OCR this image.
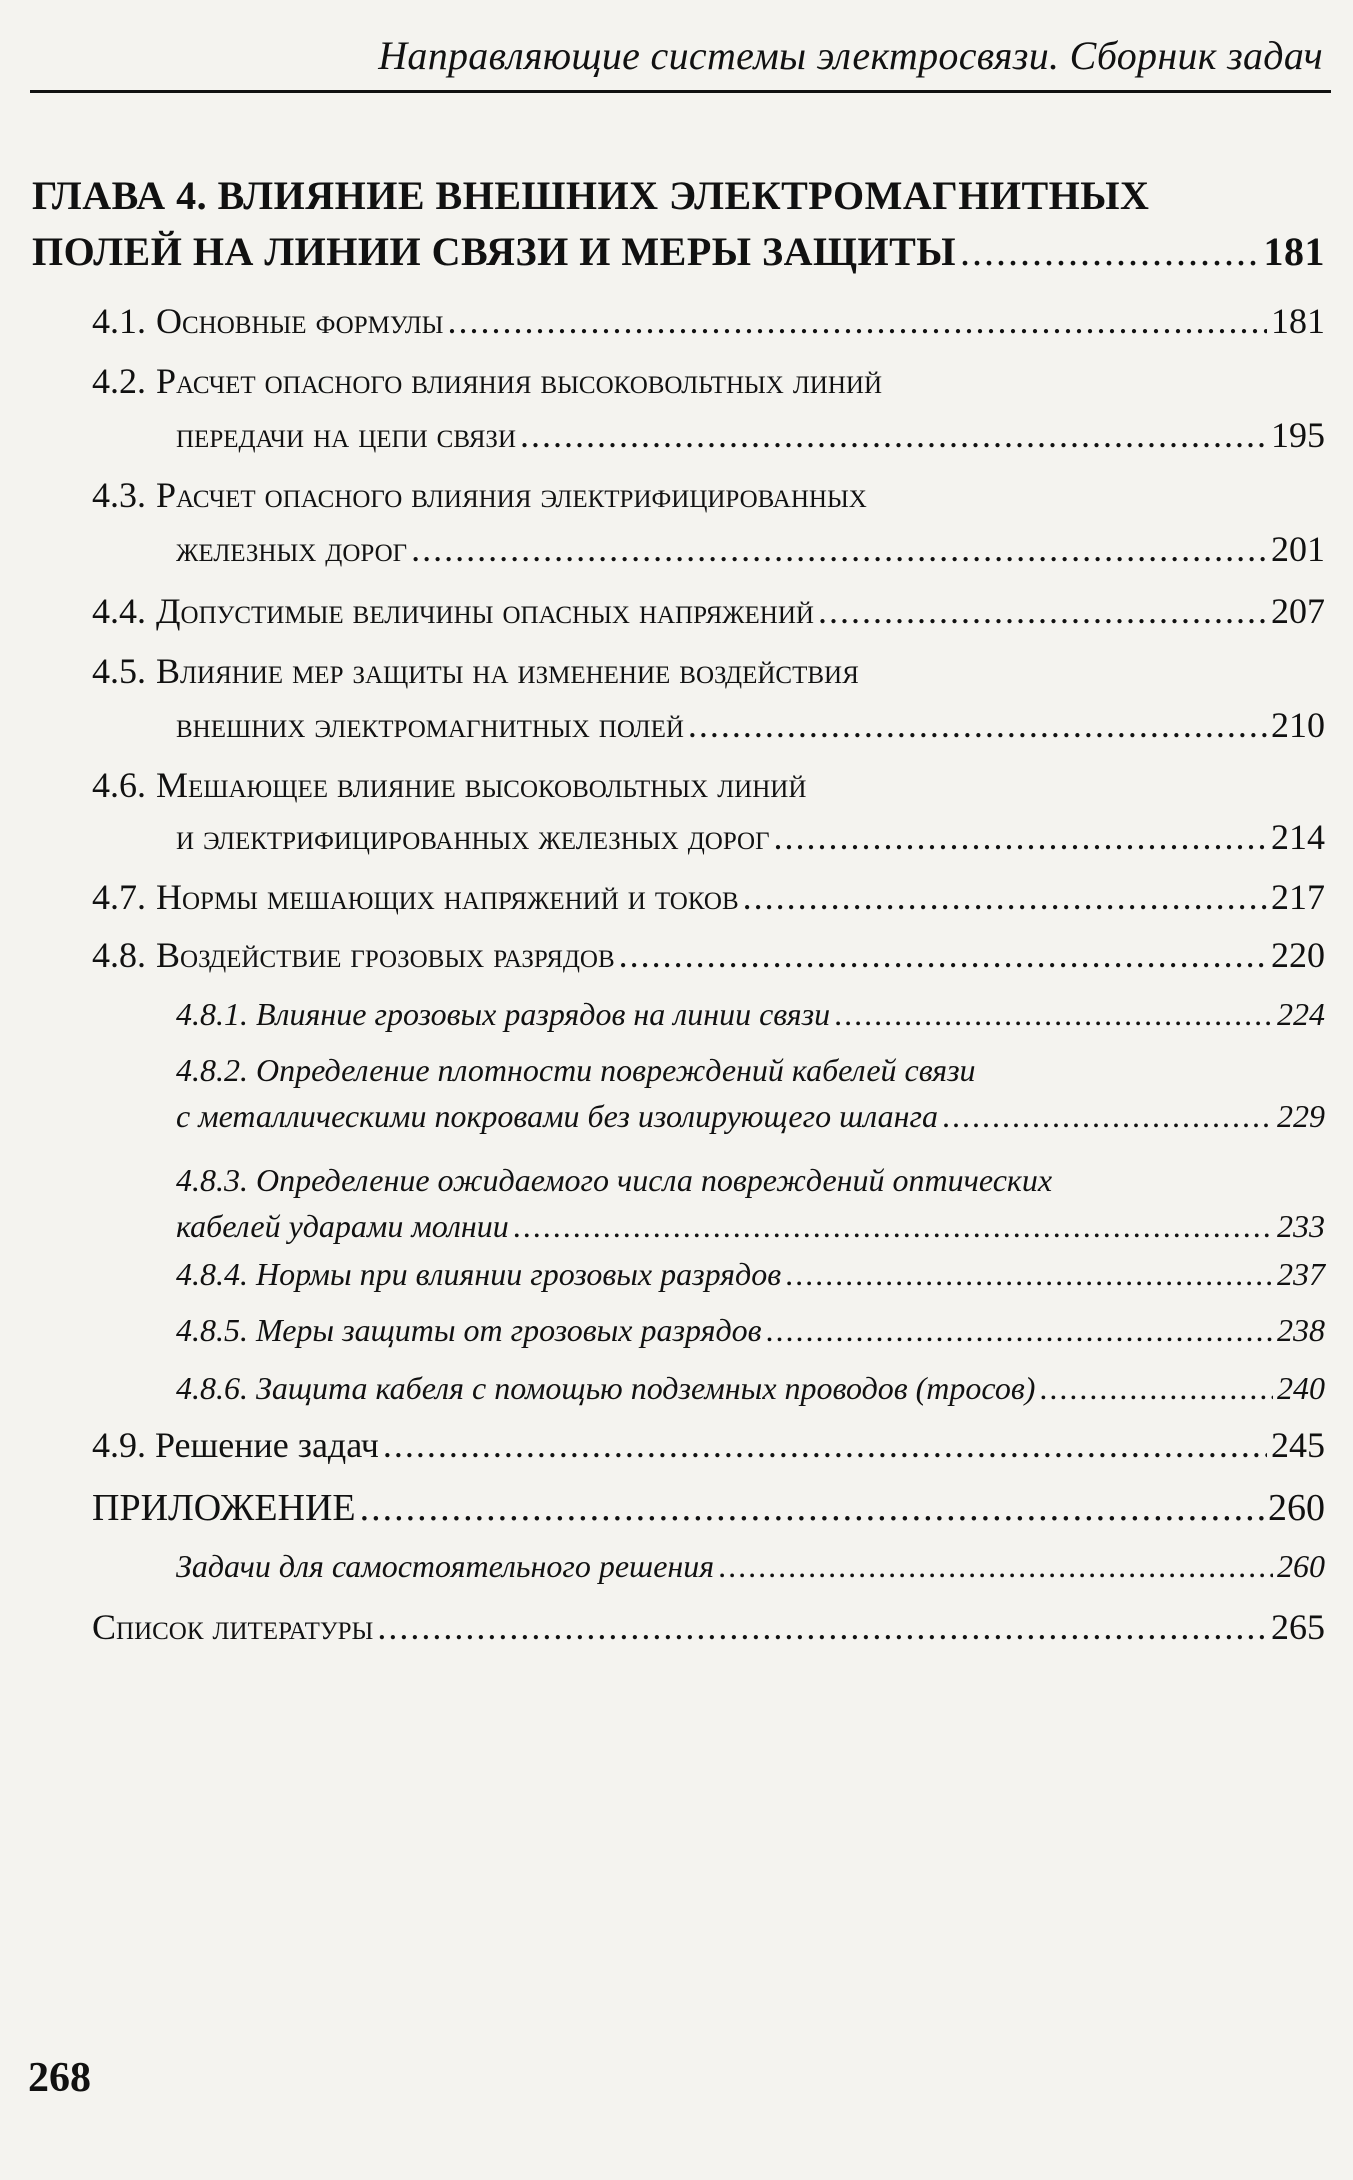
Направляющие системы электросвязи. Сборник задач
ГЛАВА 4. ВЛИЯНИЕ ВНЕШНИХ ЭЛЕКТРОМАГНИТНЫХ
ПОЛЕЙ НА ЛИНИИ СВЯЗИ И МЕРЫ ЗАЩИТЫ .....	181
4.1. Основные формулы .....	181
4.2. Расчет опасного влияния высоковольтных линий
передачи на цепи связи .....	195
4.3. Расчет опасного влияния электрифицированных
железных дорог .....	201
4.4. Допустимые величины опасных напряжений .....	207
4.5. Влияние мер защиты на изменение воздействия
внешних электромагнитных полей .....	210
4.6. Мешающее влияние высоковольтных линий
и электрифицированных железных дорог .....	214
4.7. Нормы мешающих напряжений и токов .....	217
4.8. Воздействие грозовых разрядов .....	220
4.8.1. Влияние грозовых разрядов на линии связи .....	224
4.8.2. Определение плотности повреждений кабелей связи
с металлическими покровами без изолирующего шланга .....	229
4.8.3. Определение ожидаемого числа повреждений оптических
кабелей ударами молнии .....	233
4.8.4. Нормы при влиянии грозовых разрядов .....	237
4.8.5. Меры защиты от грозовых разрядов .....	238
4.8.6. Защита кабеля с помощью подземных проводов (тросов) .....	240
4.9. Решение задач .....	245
ПРИЛОЖЕНИЕ .....	260
Задачи для самостоятельного решения .....	260
Список литературы .....	265
268
